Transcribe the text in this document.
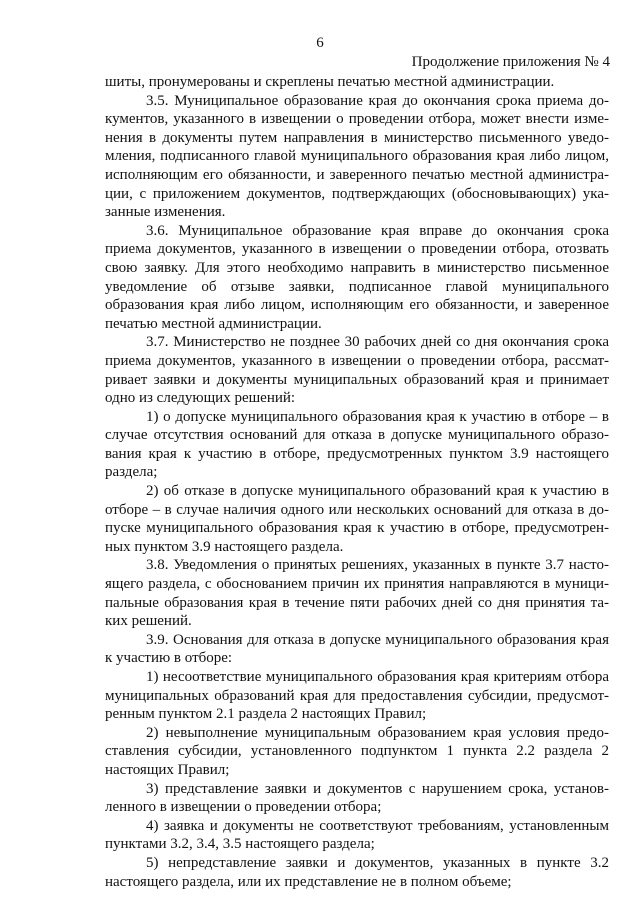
6
Продолжение приложения № 4

шиты, пронумерованы и скреплены печатью местной администрации.

3.5. Муниципальное образование края до окончания срока приема документов, указанного в извещении о проведении отбора, может внести изменения в документы путем направления в министерство письменного уведомления, подписанного главой муниципального образования края либо лицом, исполняющим его обязанности, и заверенного печатью местной администрации, с приложением документов, подтверждающих (обосновывающих) указанные изменения.

3.6. Муниципальное образование края вправе до окончания срока приема документов, указанного в извещении о проведении отбора, отозвать свою заявку. Для этого необходимо направить в министерство письменное уведомление об отзыве заявки, подписанное главой муниципального образования края либо лицом, исполняющим его обязанности, и заверенное печатью местной администрации.

3.7. Министерство не позднее 30 рабочих дней со дня окончания срока приема документов, указанного в извещении о проведении отбора, рассматривает заявки и документы муниципальных образований края и принимает одно из следующих решений:

1) о допуске муниципального образования края к участию в отборе – в случае отсутствия оснований для отказа в допуске муниципального образования края к участию в отборе, предусмотренных пунктом 3.9 настоящего раздела;

2) об отказе в допуске муниципального образований края к участию в отборе – в случае наличия одного или нескольких оснований для отказа в допуске муниципального образования края к участию в отборе, предусмотренных пунктом 3.9 настоящего раздела.

3.8. Уведомления о принятых решениях, указанных в пункте 3.7 настоящего раздела, с обоснованием причин их принятия направляются в муниципальные образования края в течение пяти рабочих дней со дня принятия таких решений.

3.9. Основания для отказа в допуске муниципального образования края к участию в отборе:

1) несоответствие муниципального образования края критериям отбора муниципальных образований края для предоставления субсидии, предусмотренным пунктом 2.1 раздела 2 настоящих Правил;

2) невыполнение муниципальным образованием края условия предоставления субсидии, установленного подпунктом 1 пункта 2.2 раздела 2 настоящих Правил;

3) представление заявки и документов с нарушением срока, установленного в извещении о проведении отбора;

4) заявка и документы не соответствуют требованиям, установленным пунктами 3.2, 3.4, 3.5 настоящего раздела;

5) непредставление заявки и документов, указанных в пункте 3.2 настоящего раздела, или их представление не в полном объеме;
